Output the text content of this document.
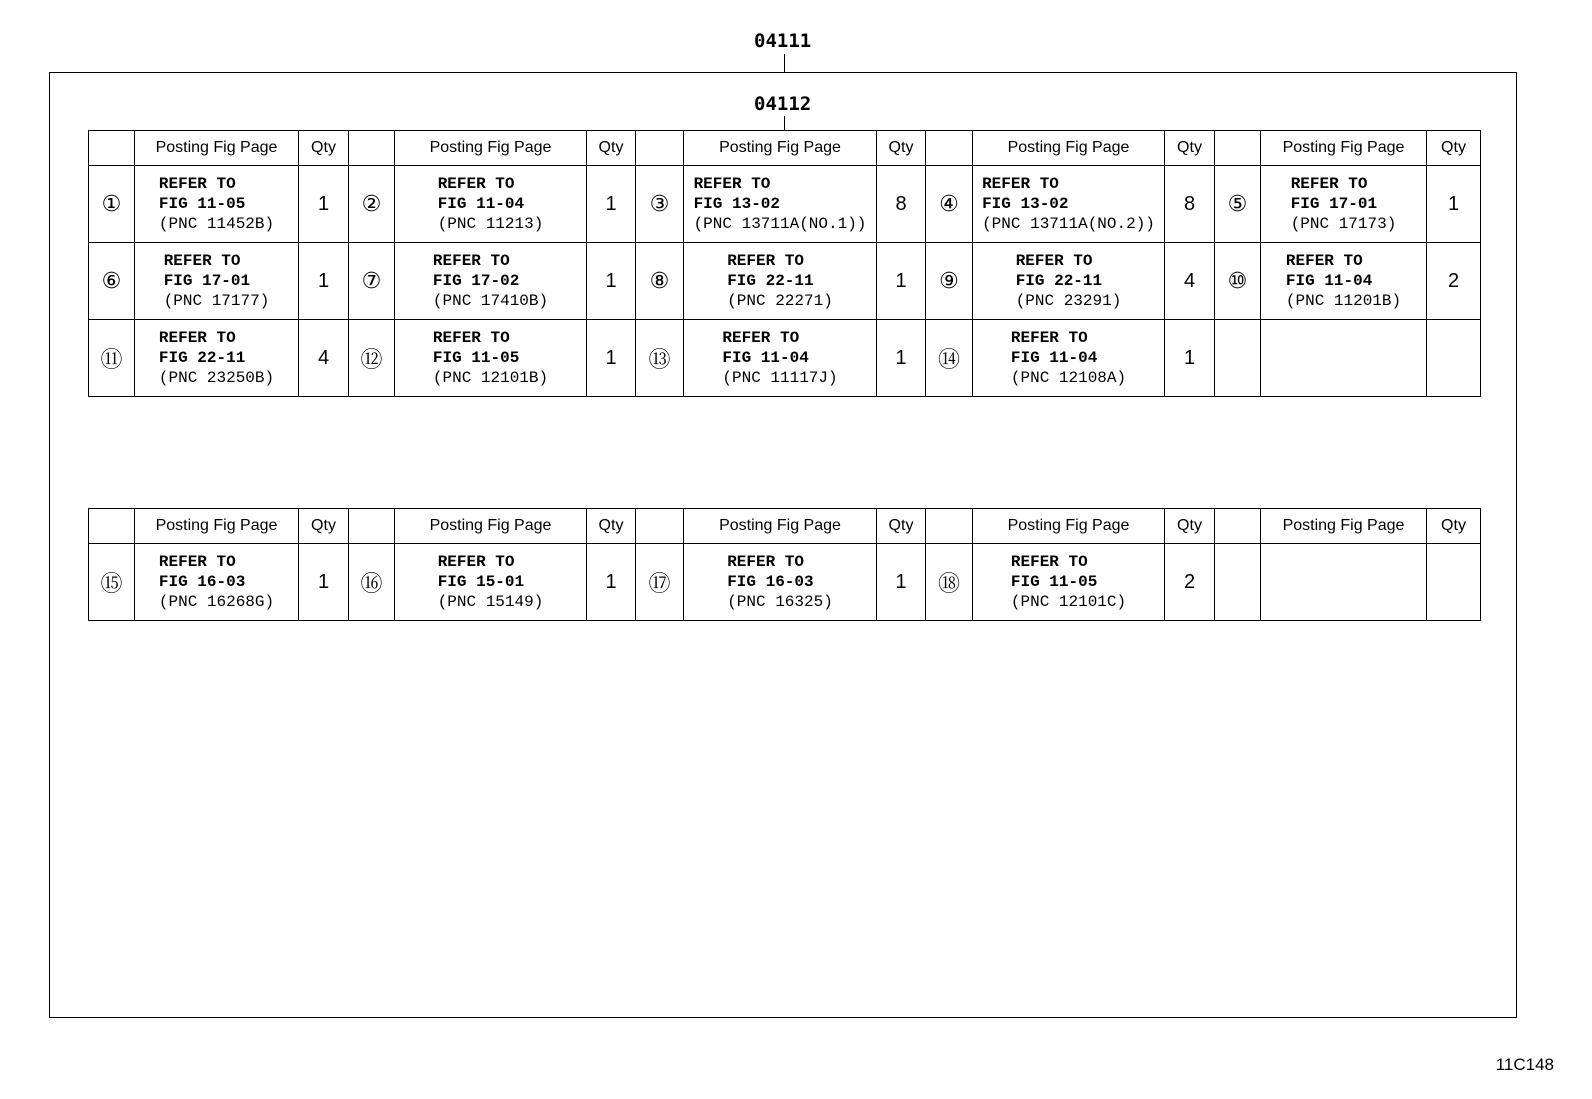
04111
04112
	Posting Fig Page	Qty		Posting Fig Page	Qty		Posting Fig Page	Qty		Posting Fig Page	Qty		Posting Fig Page	Qty
①	REFER TO
FIG 11-05
(PNC 11452B)	1	②	REFER TO
FIG 11-04
(PNC 11213)	1	③	REFER TO
FIG 13-02
(PNC 13711A(NO.1))	8	④	REFER TO
FIG 13-02
(PNC 13711A(NO.2))	8	⑤	REFER TO
FIG 17-01
(PNC 17173)	1
⑥	REFER TO
FIG 17-01
(PNC 17177)	1	⑦	REFER TO
FIG 17-02
(PNC 17410B)	1	⑧	REFER TO
FIG 22-11
(PNC 22271)	1	⑨	REFER TO
FIG 22-11
(PNC 23291)	4	⑩	REFER TO
FIG 11-04
(PNC 11201B)	2
⑪	REFER TO
FIG 22-11
(PNC 23250B)	4	⑫	REFER TO
FIG 11-05
(PNC 12101B)	1	⑬	REFER TO
FIG 11-04
(PNC 11117J)	1	⑭	REFER TO
FIG 11-04
(PNC 12108A)	1		

	Posting Fig Page	Qty		Posting Fig Page	Qty		Posting Fig Page	Qty		Posting Fig Page	Qty		Posting Fig Page	Qty
⑮	REFER TO
FIG 16-03
(PNC 16268G)	1	⑯	REFER TO
FIG 15-01
(PNC 15149)	1	⑰	REFER TO
FIG 16-03
(PNC 16325)	1	⑱	REFER TO
FIG 11-05
(PNC 12101C)	2		

11C148
